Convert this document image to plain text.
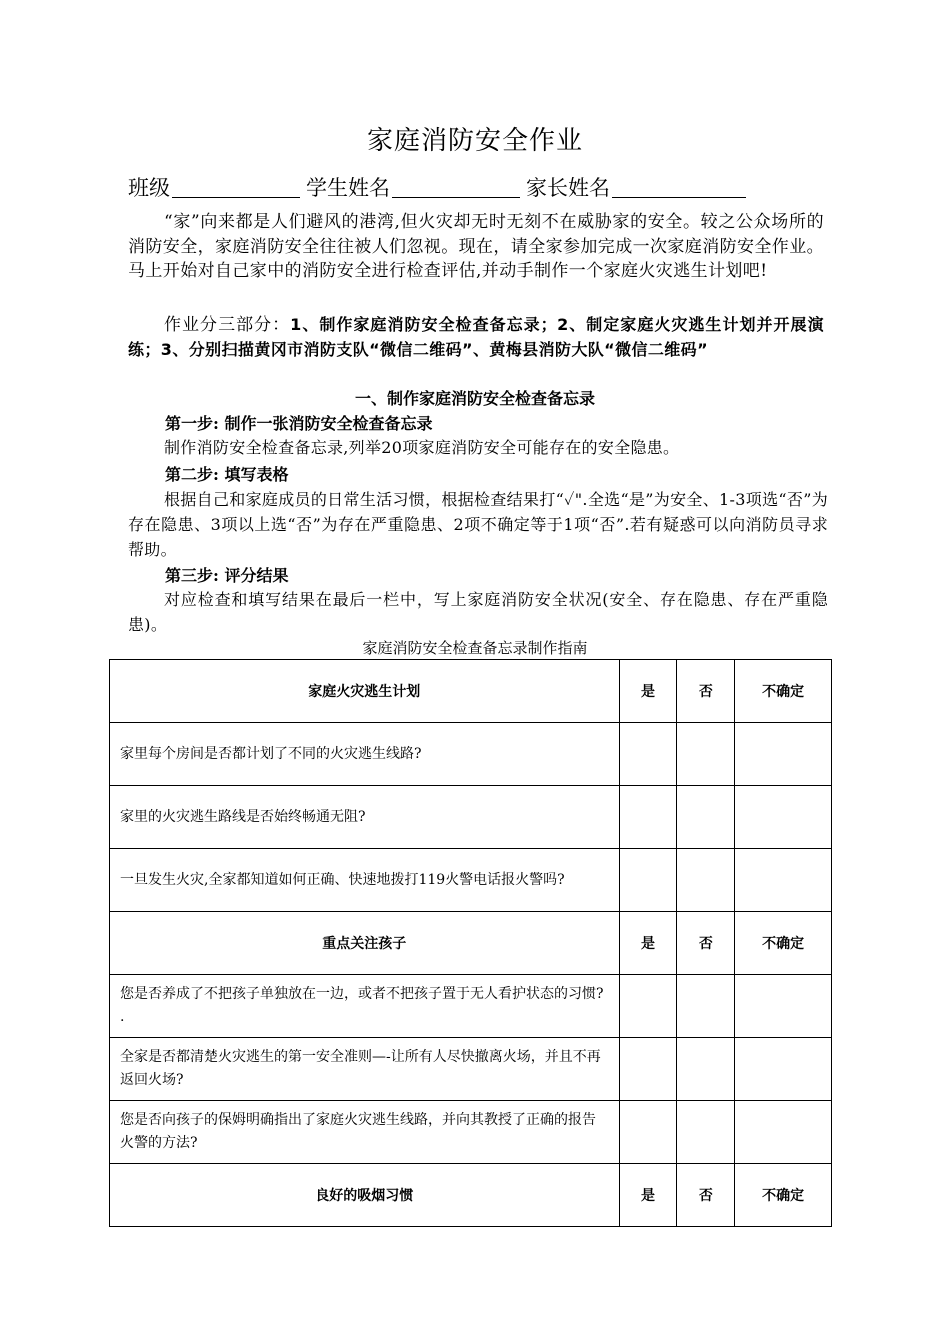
家庭消防安全作业
班级	学生姓名	家长姓名
“家”向来都是人们避风的港湾,但火灾却无时无刻不在威胁家的安全。较之公众场所的消防安全，家庭消防安全往往被人们忽视。现在，请全家参加完成一次家庭消防安全作业。马上开始对自己家中的消防安全进行检查评估,并动手制作一个家庭火灾逃生计划吧!
作业分三部分：1、制作家庭消防安全检查备忘录；2、制定家庭火灾逃生计划并开展演练；3、分别扫描黄冈市消防支队“微信二维码”、黄梅县消防大队“微信二维码”
一、制作家庭消防安全检查备忘录
第一步: 制作一张消防安全检查备忘录
制作消防安全检查备忘录,列举20项家庭消防安全可能存在的安全隐患。
第二步: 填写表格
根据自己和家庭成员的日常生活习惯，根据检查结果打“✓".全选“是”为安全、1-3项选“否”为存在隐患、3项以上选“否”为存在严重隐患、2项不确定等于1项“否”.若有疑惑可以向消防员寻求帮助。
第三步: 评分结果
对应检查和填写结果在最后一栏中，写上家庭消防安全状况(安全、存在隐患、存在严重隐患)。
家庭消防安全检查备忘录制作指南
家庭火灾逃生计划	是	否	不确定
家里每个房间是否都计划了不同的火灾逃生线路?			
家里的火灾逃生路线是否始终畅通无阻?			
一旦发生火灾,全家都知道如何正确、快速地拨打119火警电话报火警吗?			
重点关注孩子	是	否	不确定
您是否养成了不把孩子单独放在一边，或者不把孩子置于无人看护状态的习惯? .			
全家是否都清楚火灾逃生的第一安全准则—-让所有人尽快撤离火场，并且不再返回火场?			
您是否向孩子的保姆明确指出了家庭火灾逃生线路，并向其教授了正确的报告火警的方法?			
良好的吸烟习惯	是	否	不确定
